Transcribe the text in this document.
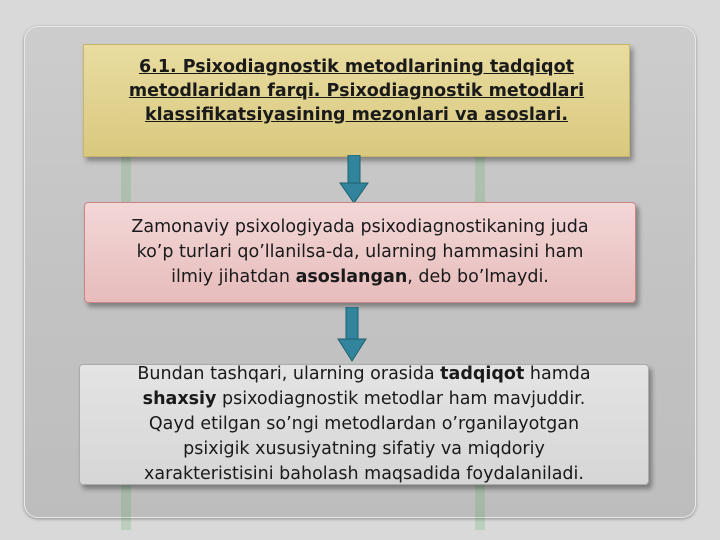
6.1. Psixodiagnostik metodlarining tadqiqot

metodlaridan farqi. Psixodiagnostik metodlari

klassifikatsiyasining mezonlari va asoslari.

Zamonaviy psixologiyada psixodiagnostikaning juda

ko’p turlari qo’llanilsa-da, ularning hammasini ham

ilmiy jihatdan asoslangan, deb bo’lmaydi.

Bundan tashqari, ularning orasida tadqiqot hamda

shaxsiy psixodiagnostik metodlar ham mavjuddir.

Qayd etilgan so’ngi metodlardan o’rganilayotgan

psixigik xususiyatning sifatiy va miqdoriy

xarakteristisini baholash maqsadida foydalaniladi.
